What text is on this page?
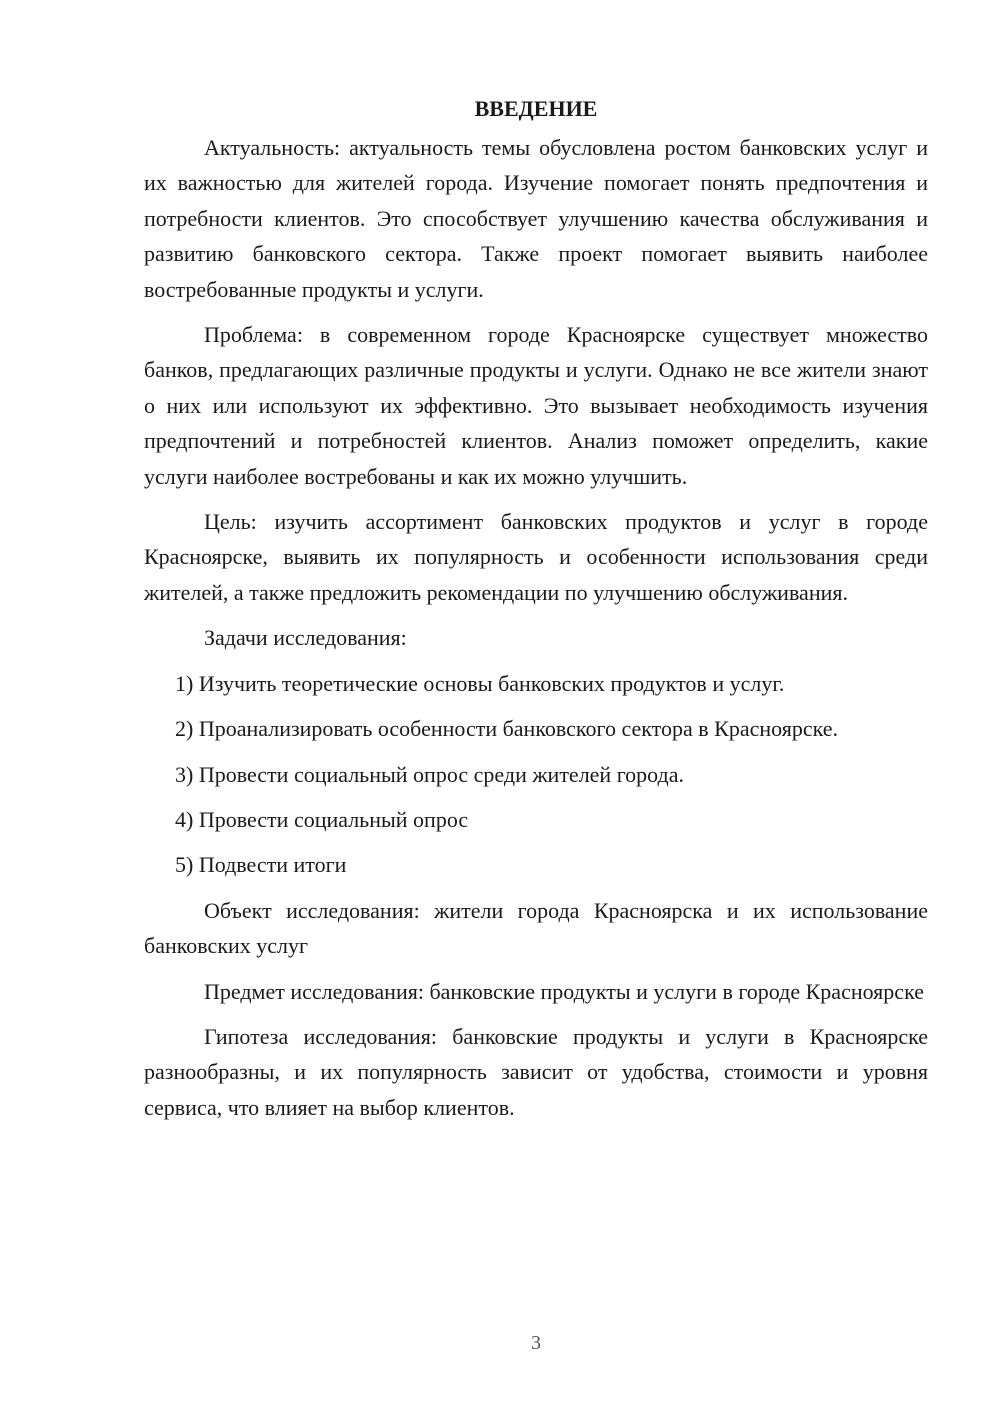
ВВЕДЕНИЕ

Актуальность: актуальность темы обусловлена ростом банковских услуг и их важностью для жителей города. Изучение помогает понять предпочтения и потребности клиентов. Это способствует улучшению качества обслуживания и развитию банковского сектора. Также проект помогает выявить наиболее востребованные продукты и услуги.

Проблема: в современном городе Красноярске существует множество банков, предлагающих различные продукты и услуги. Однако не все жители знают о них или используют их эффективно. Это вызывает необходимость изучения предпочтений и потребностей клиентов. Анализ поможет определить, какие услуги наиболее востребованы и как их можно улучшить.

Цель: изучить ассортимент банковских продуктов и услуг в городе Красноярске, выявить их популярность и особенности использования среди жителей, а также предложить рекомендации по улучшению обслуживания.

Задачи исследования:

1) Изучить теоретические основы банковских продуктов и услуг.

2) Проанализировать особенности банковского сектора в Красноярске.

3) Провести социальный опрос среди жителей города.

4) Провести социальный опрос

5) Подвести итоги

Объект исследования: жители города Красноярска и их использование банковских услуг

Предмет исследования: банковские продукты и услуги в городе Красноярске

Гипотеза исследования: банковские продукты и услуги в Красноярске разнообразны, и их популярность зависит от удобства, стоимости и уровня сервиса, что влияет на выбор клиентов.

3
